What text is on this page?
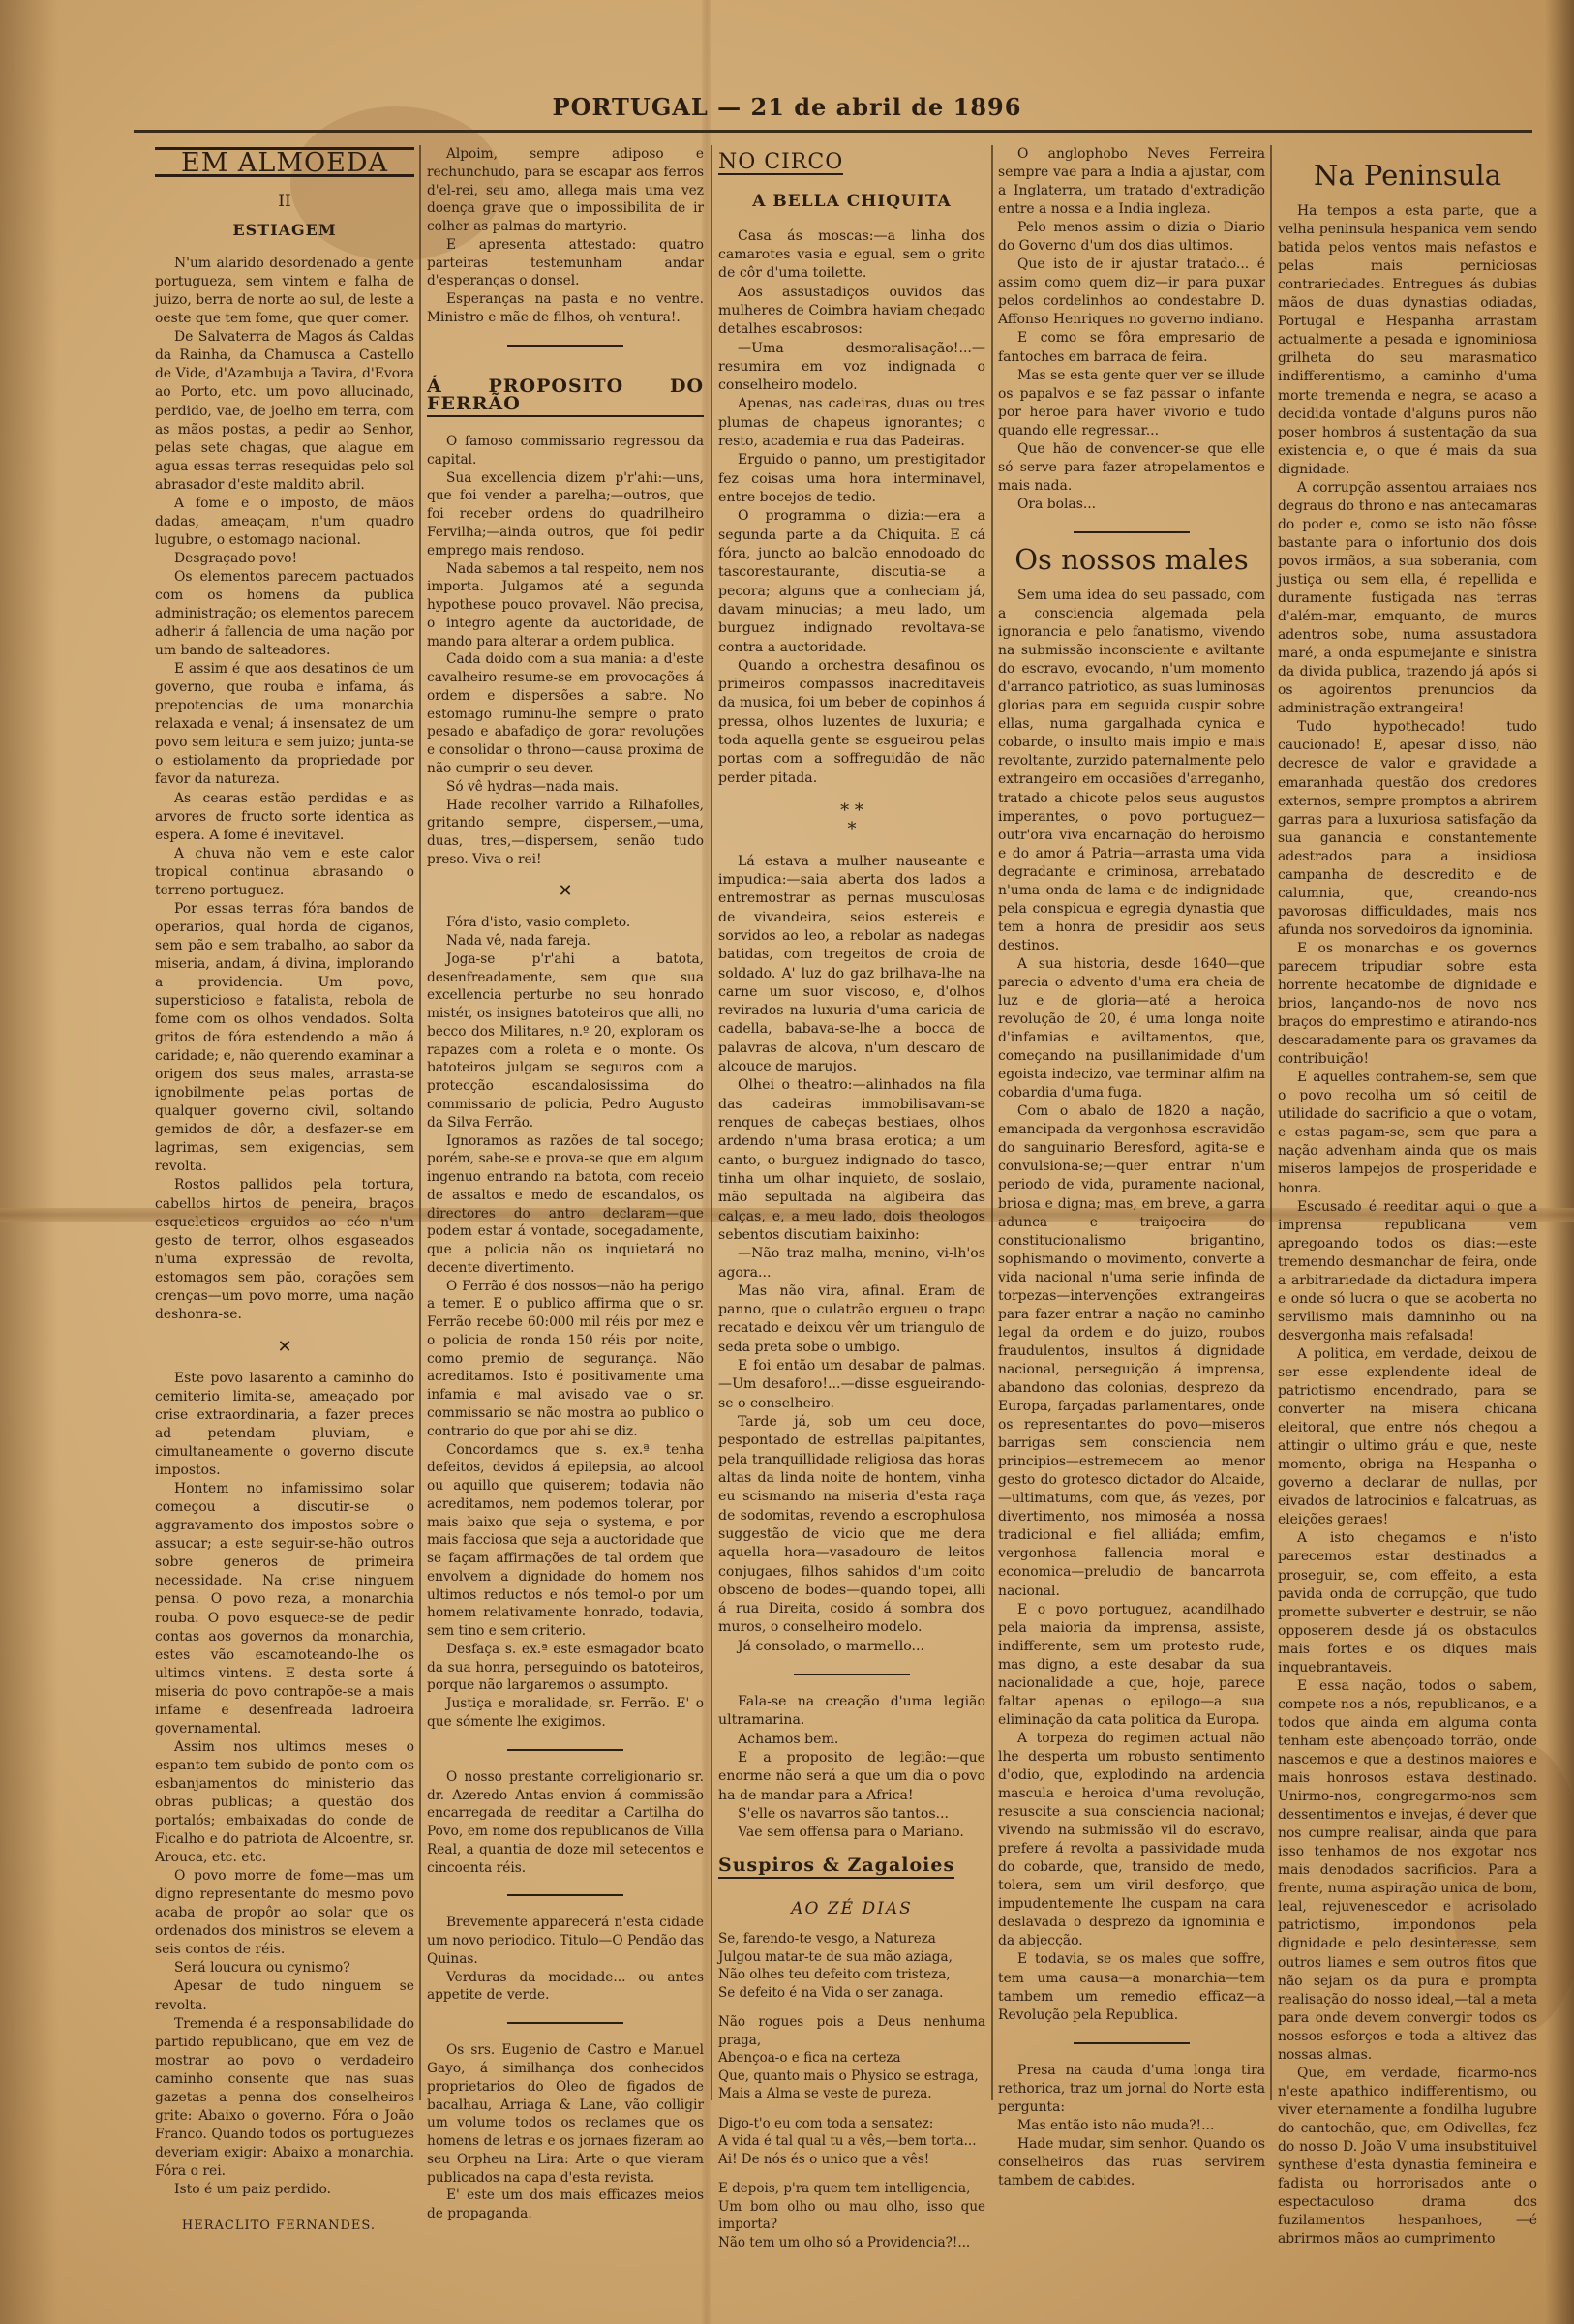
PORTUGAL — 21 de abril de 1896
EM ALMOEDA
II
ESTIAGEM

N'um alarido desordenado a gente portugueza, sem vintem e falha de juizo, berra de norte ao sul, de leste a oeste que tem fome, que quer comer.

De Salvaterra de Magos ás Caldas da Rainha, da Chamusca a Castello de Vide, d'Azambuja a Tavira, d'Evora ao Porto, etc. um povo allucinado, perdido, vae, de joelho em terra, com as mãos postas, a pedir ao Senhor, pelas sete chagas, que alague em agua essas terras resequidas pelo sol abrasador d'este maldito abril.

A fome e o imposto, de mãos dadas, ameaçam, n'um quadro lugubre, o estomago nacional.

Desgraçado povo!

Os elementos parecem pactuados com os homens da publica administração; os elementos parecem adherir á fallencia de uma nação por um bando de salteadores.

E assim é que aos desatinos de um governo, que rouba e infama, ás prepotencias de uma monarchia relaxada e venal; á insensatez de um povo sem leitura e sem juizo; junta-se o estiolamento da propriedade por favor da natureza.

As cearas estão perdidas e as arvores de fructo sorte identica as espera. A fome é inevitavel.

A chuva não vem e este calor tropical continua abrasando o terreno portuguez.

Por essas terras fóra bandos de operarios, qual horda de ciganos, sem pão e sem trabalho, ao sabor da miseria, andam, á divina, implorando a providencia. Um povo, supersticioso e fatalista, rebola de fome com os olhos vendados. Solta gritos de fóra estendendo a mão á caridade; e, não querendo examinar a origem dos seus males, arrasta-se ignobilmente pelas portas de qualquer governo civil, soltando gemidos de dôr, a desfazer-se em lagrimas, sem exigencias, sem revolta.

Rostos pallidos pela tortura, cabellos hirtos de peneira, braços esqueleticos erguidos ao céo n'um gesto de terror, olhos esgaseados n'uma expressão de revolta, estomagos sem pão, corações sem crenças—um povo morre, uma nação deshonra-se.

✕

Este povo lasarento a caminho do cemiterio limita-se, ameaçado por crise extraordinaria, a fazer preces ad petendam pluviam, e cimultaneamente o governo discute impostos.

Hontem no infamissimo solar começou a discutir-se o aggravamento dos impostos sobre o assucar; a este seguir-se-hão outros sobre generos de primeira necessidade. Na crise ninguem pensa. O povo reza, a monarchia rouba. O povo esquece-se de pedir contas aos governos da monarchia, estes vão escamoteando-lhe os ultimos vintens. E desta sorte á miseria do povo contrapõe-se a mais infame e desenfreada ladroeira governamental.

Assim nos ultimos meses o espanto tem subido de ponto com os esbanjamentos do ministerio das obras publicas; a questão dos portalós; embaixadas do conde de Ficalho e do patriota de Alcoentre, sr. Arouca, etc. etc.

O povo morre de fome—mas um digno representante do mesmo povo acaba de propôr ao solar que os ordenados dos ministros se elevem a seis contos de réis.

Será loucura ou cynismo?

Apesar de tudo ninguem se revolta.

Tremenda é a responsabilidade do partido republicano, que em vez de mostrar ao povo o verdadeiro caminho consente que nas suas gazetas a penna dos conselheiros grite: Abaixo o governo. Fóra o João Franco. Quando todos os portuguezes deveriam exigir: Abaixo a monarchia. Fóra o rei.

Isto é um paiz perdido.

HERACLITO FERNANDES.

Alpoim, sempre adiposo e rechunchudo, para se escapar aos ferros d'el-rei, seu amo, allega mais uma vez doença grave que o impossibilita de ir colher as palmas do martyrio.

E apresenta attestado: quatro parteiras testemunham andar d'esperanças o donsel.

Esperanças na pasta e no ventre. Ministro e mãe de filhos, oh ventura!.

Á PROPOSITO DO FERRÃO

O famoso commissario regressou da capital.

Sua excellencia dizem p'r'ahi:—uns, que foi vender a parelha;—outros, que foi receber ordens do quadrilheiro Fervilha;—ainda outros, que foi pedir emprego mais rendoso.

Nada sabemos a tal respeito, nem nos importa. Julgamos até a segunda hypothese pouco provavel. Não precisa, o integro agente da auctoridade, de mando para alterar a ordem publica.

Cada doido com a sua mania: a d'este cavalheiro resume-se em provocações á ordem e dispersões a sabre. No estomago ruminu-lhe sempre o prato pesado e abafadiço de gorar revoluções e consolidar o throno—causa proxima de não cumprir o seu dever.

Só vê hydras—nada mais.

Hade recolher varrido a Rilhafolles, gritando sempre, dispersem,—uma, duas, tres,—dispersem, senão tudo preso. Viva o rei!

✕

Fóra d'isto, vasio completo.

Nada vê, nada fareja.

Joga-se p'r'ahi a batota, desenfreadamente, sem que sua excellencia perturbe no seu honrado mistér, os insignes batoteiros que alli, no becco dos Militares, n.º 20, exploram os rapazes com a roleta e o monte. Os batoteiros julgam se seguros com a protecção escandalosissima do commissario de policia, Pedro Augusto da Silva Ferrão.

Ignoramos as razões de tal socego; porém, sabe-se e prova-se que em algum ingenuo entrando na batota, com receio de assaltos e medo de escandalos, os directores do antro declaram—que podem estar á vontade, socegadamente, que a policia não os inquietará no decente divertimento.

O Ferrão é dos nossos—não ha perigo a temer. E o publico affirma que o sr. Ferrão recebe 60:000 mil réis por mez e o policia de ronda 150 réis por noite, como premio de segurança. Não acreditamos. Isto é positivamente uma infamia e mal avisado vae o sr. commissario se não mostra ao publico o contrario do que por ahi se diz.

Concordamos que s. ex.ª tenha defeitos, devidos á epilepsia, ao alcool ou aquillo que quiserem; todavia não acreditamos, nem podemos tolerar, por mais baixo que seja o systema, e por mais facciosa que seja a auctoridade que se façam affirmações de tal ordem que envolvem a dignidade do homem nos ultimos reductos e nós temol-o por um homem relativamente honrado, todavia, sem tino e sem criterio.

Desfaça s. ex.ª este esmagador boato da sua honra, perseguindo os batoteiros, porque não largaremos o assumpto.

Justiça e moralidade, sr. Ferrão. E' o que sómente lhe exigimos.

O nosso prestante correligionario sr. dr. Azeredo Antas envion á commissão encarregada de reeditar a Cartilha do Povo, em nome dos republicanos de Villa Real, a quantia de doze mil setecentos e cincoenta réis.

Brevemente apparecerá n'esta cidade um novo periodico. Titulo—O Pendão das Quinas.

Verduras da mocidade... ou antes appetite de verde.

Os srs. Eugenio de Castro e Manuel Gayo, á similhança dos conhecidos proprietarios do Oleo de figados de bacalhau, Arriaga & Lane, vão colligir um volume todos os reclames que os homens de letras e os jornaes fizeram ao seu Orpheu na Lira: Arte o que vieram publicados na capa d'esta revista.

E' este um dos mais efficazes meios de propaganda.

NO CIRCO
A BELLA CHIQUITA

Casa ás moscas:—a linha dos camarotes vasia e egual, sem o grito de côr d'uma toilette.

Aos assustadiços ouvidos das mulheres de Coimbra haviam chegado detalhes escabrosos:

—Uma desmoralisação!...—resumira em voz indignada o conselheiro modelo.

Apenas, nas cadeiras, duas ou tres plumas de chapeus ignorantes; o resto, academia e rua das Padeiras.

Erguido o panno, um prestigitador fez coisas uma hora interminavel, entre bocejos de tedio.

O programma o dizia:—era a segunda parte a da Chiquita. E cá fóra, juncto ao balcão ennodoado do tascorestaurante, discutia-se a pecora; alguns que a conheciam já, davam minucias; a meu lado, um burguez indignado revoltava-se contra a auctoridade.

Quando a orchestra desafinou os primeiros compassos inacreditaveis da musica, foi um beber de copinhos á pressa, olhos luzentes de luxuria; e toda aquella gente se esgueirou pelas portas com a soffreguidão de não perder pitada.

* *
*

Lá estava a mulher nauseante e impudica:—saia aberta dos lados a entremostrar as pernas musculosas de vivandeira, seios estereis e sorvidos ao leo, a rebolar as nadegas batidas, com tregeitos de croia de soldado. A' luz do gaz brilhava-lhe na carne um suor viscoso, e, d'olhos revirados na luxuria d'uma caricia de cadella, babava-se-lhe a bocca de palavras de alcova, n'um descaro de alcouce de marujos.

Olhei o theatro:—alinhados na fila das cadeiras immobilisavam-se renques de cabeças bestiaes, olhos ardendo n'uma brasa erotica; a um canto, o burguez indignado do tasco, tinha um olhar inquieto, de soslaio, mão sepultada na algibeira das calças, e, a meu lado, dois theologos sebentos discutiam baixinho:

—Não traz malha, menino, vi-lh'os agora...

Mas não vira, afinal. Eram de panno, que o culatrão ergueu o trapo recatado e deixou vêr um triangulo de seda preta sobe o umbigo.

E foi então um desabar de palmas. —Um desaforo!...—disse esgueirando-se o conselheiro.

Tarde já, sob um ceu doce, pespontado de estrellas palpitantes, pela tranquillidade religiosa das horas altas da linda noite de hontem, vinha eu scismando na miseria d'esta raça de sodomitas, revendo a escrophulosa suggestão de vicio que me dera aquella hora—vasadouro de leitos conjugaes, filhos sahidos d'um coito obsceno de bodes—quando topei, alli á rua Direita, cosido á sombra dos muros, o conselheiro modelo.

Já consolado, o marmello...

Fala-se na creação d'uma legião ultramarina.

Achamos bem.

E a proposito de legião:—que enorme não será a que um dia o povo ha de mandar para a Africa!

S'elle os navarros são tantos...

Vae sem offensa para o Mariano.

Suspiros & Zagaloies
AO ZÉ DIAS

Se, farendo-te vesgo, a Natureza

Julgou matar-te de sua mão aziaga,

Não olhes teu defeito com tristeza,

Se defeito é na Vida o ser zanaga.

Não rogues pois a Deus nenhuma praga,

Abençoa-o e fica na certeza

Que, quanto mais o Physico se estraga,

Mais a Alma se veste de pureza.

Digo-t'o eu com toda a sensatez:

A vida é tal qual tu a vês,—bem torta...

Ai! De nós és o unico que a vês!

E depois, p'ra quem tem intelligencia,

Um bom olho ou mau olho, isso que importa?

Não tem um olho só a Providencia?!...

O anglophobo Neves Ferreira sempre vae para a India a ajustar, com a Inglaterra, um tratado d'extradição entre a nossa e a India ingleza.

Pelo menos assim o dizia o Diario do Governo d'um dos dias ultimos.

Que isto de ir ajustar tratado... é assim como quem diz—ir para puxar pelos cordelinhos ao condestabre D. Affonso Henriques no governo indiano.

E como se fôra empresario de fantoches em barraca de feira.

Mas se esta gente quer ver se illude os papalvos e se faz passar o infante por heroe para haver vivorio e tudo quando elle regressar...

Que hão de convencer-se que elle só serve para fazer atropelamentos e mais nada.

Ora bolas...

Os nossos males

Sem uma idea do seu passado, com a consciencia algemada pela ignorancia e pelo fanatismo, vivendo na submissão inconsciente e aviltante do escravo, evocando, n'um momento d'arranco patriotico, as suas luminosas glorias para em seguida cuspir sobre ellas, numa gargalhada cynica e cobarde, o insulto mais impio e mais revoltante, zurzido paternalmente pelo extrangeiro em occasiões d'arreganho, tratado a chicote pelos seus augustos imperantes, o povo portuguez—outr'ora viva encarnação do heroismo e do amor á Patria—arrasta uma vida degradante e criminosa, arrebatado n'uma onda de lama e de indignidade pela conspicua e egregia dynastia que tem a honra de presidir aos seus destinos.

A sua historia, desde 1640—que parecia o advento d'uma era cheia de luz e de gloria—até a heroica revolução de 20, é uma longa noite d'infamias e aviltamentos, que, começando na pusillanimidade d'um egoista indecizo, vae terminar alfim na cobardia d'uma fuga.

Com o abalo de 1820 a nação, emancipada da vergonhosa escravidão do sanguinario Beresford, agita-se e convulsiona-se;—quer entrar n'um periodo de vida, puramente nacional, briosa e digna; mas, em breve, a garra adunca e traiçoeira do constitucionalismo brigantino, sophismando o movimento, converte a vida nacional n'uma serie infinda de torpezas—intervenções extrangeiras para fazer entrar a nação no caminho legal da ordem e do juizo, roubos fraudulentos, insultos á dignidade nacional, perseguição á imprensa, abandono das colonias, desprezo da Europa, farçadas parlamentares, onde os representantes do povo—miseros barrigas sem consciencia nem principios—estremecem ao menor gesto do grotesco dictador do Alcaide,—ultimatums, com que, ás vezes, por divertimento, nos mimoséa a nossa tradicional e fiel alliáda; emfim, vergonhosa fallencia moral e economica—preludio de bancarrota nacional.

E o povo portuguez, acandilhado pela maioria da imprensa, assiste, indifferente, sem um protesto rude, mas digno, a este desabar da sua nacionalidade a que, hoje, parece faltar apenas o epilogo—a sua eliminação da cata politica da Europa.

A torpeza do regimen actual não lhe desperta um robusto sentimento d'odio, que, explodindo na ardencia mascula e heroica d'uma revolução, resuscite a sua consciencia nacional; vivendo na submissão vil do escravo, prefere á revolta a passividade muda do cobarde, que, transido de medo, tolera, sem um viril desforço, que impudentemente lhe cuspam na cara deslavada o desprezo da ignominia e da abjecção.

E todavia, se os males que soffre, tem uma causa—a monarchia—tem tambem um remedio efficaz—a Revolução pela Republica.

Presa na cauda d'uma longa tira rethorica, traz um jornal do Norte esta pergunta:

Mas então isto não muda?!...

Hade mudar, sim senhor. Quando os conselheiros das ruas servirem tambem de cabides.

Na Peninsula

Ha tempos a esta parte, que a velha peninsula hespanica vem sendo batida pelos ventos mais nefastos e pelas mais perniciosas contrariedades. Entregues ás dubias mãos de duas dynastias odiadas, Portugal e Hespanha arrastam actualmente a pesada e ignominiosa grilheta do seu marasmatico indifferentismo, a caminho d'uma morte tremenda e negra, se acaso a decidida vontade d'alguns puros não poser hombros á sustentação da sua existencia e, o que é mais da sua dignidade.

A corrupção assentou arraiaes nos degraus do throno e nas antecamaras do poder e, como se isto não fôsse bastante para o infortunio dos dois povos irmãos, a sua soberania, com justiça ou sem ella, é repellida e duramente fustigada nas terras d'além-mar, emquanto, de muros adentros sobe, numa assustadora maré, a onda espumejante e sinistra da divida publica, trazendo já após si os agoirentos prenuncios da administração extrangeira!

Tudo hypothecado! tudo caucionado! E, apesar d'isso, não decresce de valor e gravidade a emaranhada questão dos credores externos, sempre promptos a abrirem garras para a luxuriosa satisfação da sua ganancia e constantemente adestrados para a insidiosa campanha de descredito e de calumnia, que, creando-nos pavorosas difficuldades, mais nos afunda nos sorvedoiros da ignominia.

E os monarchas e os governos parecem tripudiar sobre esta horrente hecatombe de dignidade e brios, lançando-nos de novo nos braços do emprestimo e atirando-nos descaradamente para os gravames da contribuição!

E aquelles contrahem-se, sem que o povo recolha um só ceitil de utilidade do sacrificio a que o votam, e estas pagam-se, sem que para a nação advenham ainda que os mais miseros lampejos de prosperidade e honra.

Escusado é reeditar aqui o que a imprensa republicana vem apregoando todos os dias:—este tremendo desmanchar de feira, onde a arbitrariedade da dictadura impera e onde só lucra o que se acoberta no servilismo mais damninho ou na desvergonha mais refalsada!

A politica, em verdade, deixou de ser esse explendente ideal de patriotismo encendrado, para se converter na misera chicana eleitoral, que entre nós chegou a attingir o ultimo gráu e que, neste momento, obriga na Hespanha o governo a declarar de nullas, por eivados de latrocinios e falcatruas, as eleições geraes!

A isto chegamos e n'isto parecemos estar destinados a proseguir, se, com effeito, a esta pavida onda de corrupção, que tudo promette subverter e destruir, se não opposerem desde já os obstaculos mais fortes e os diques mais inquebrantaveis.

E essa nação, todos o sabem, compete-nos a nós, republicanos, e a todos que ainda em alguma conta tenham este abençoado torrão, onde nascemos e que a destinos maiores e mais honrosos estava destinado. Unirmo-nos, congregarmo-nos sem dessentimentos e invejas, é dever que nos cumpre realisar, ainda que para isso tenhamos de nos exgotar nos mais denodados sacrificios. Para a frente, numa aspiração unica de bom, leal, rejuvenescedor e acrisolado patriotismo, impondonos pela dignidade e pelo desinteresse, sem outros liames e sem outros fitos que não sejam os da pura e prompta realisação do nosso ideal,—tal a meta para onde devem convergir todos os nossos esforços e toda a altivez das nossas almas.

Que, em verdade, ficarmo-nos n'este apathico indifferentismo, ou viver eternamente a fondilha lugubre do cantochão, que, em Odivellas, fez do nosso D. João V uma insubstituivel synthese d'esta dynastia femineira e fadista ou horrorisados ante o espectaculoso drama dos fuzilamentos hespanhoes, —é abrirmos mãos ao cumprimento
